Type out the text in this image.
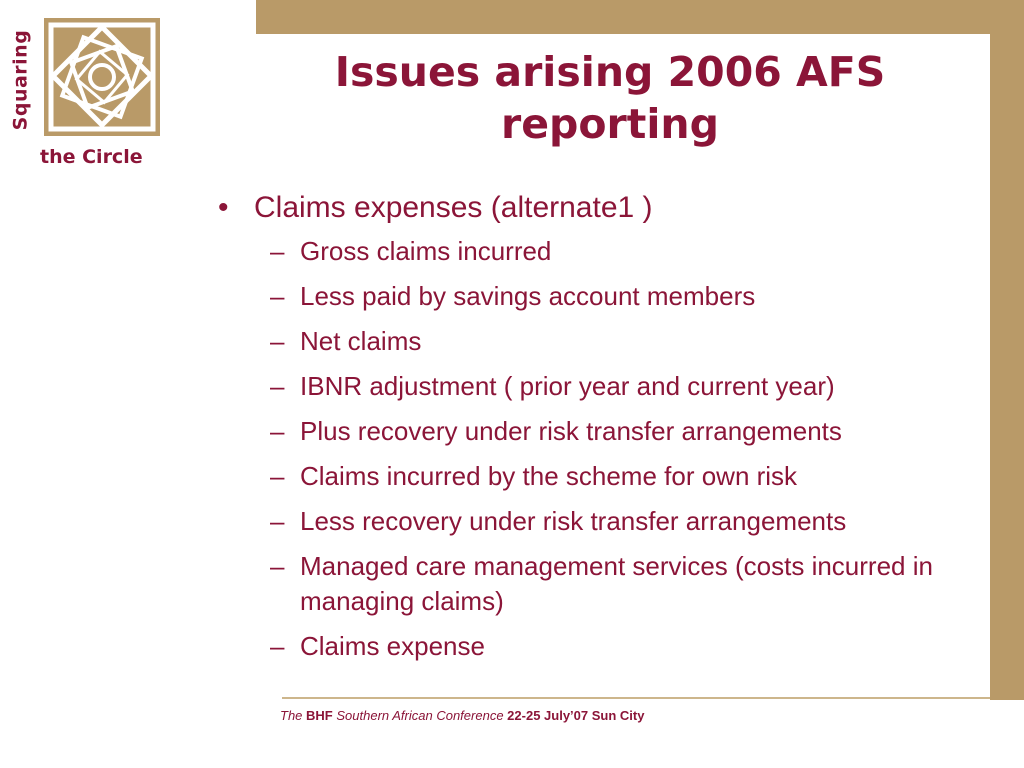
Squaring
the Circle
Issues arising 2006 AFS reporting
• Claims expenses (alternate1 )
– Gross claims incurred
– Less paid by savings account members
– Net claims
– IBNR adjustment ( prior year and current year)
– Plus recovery under risk transfer arrangements
– Claims incurred by the scheme for own risk
– Less recovery under risk transfer arrangements
– Managed care management services (costs incurred in managing claims)
– Claims expense
The BHF Southern African Conference 22-25 July’07 Sun City
